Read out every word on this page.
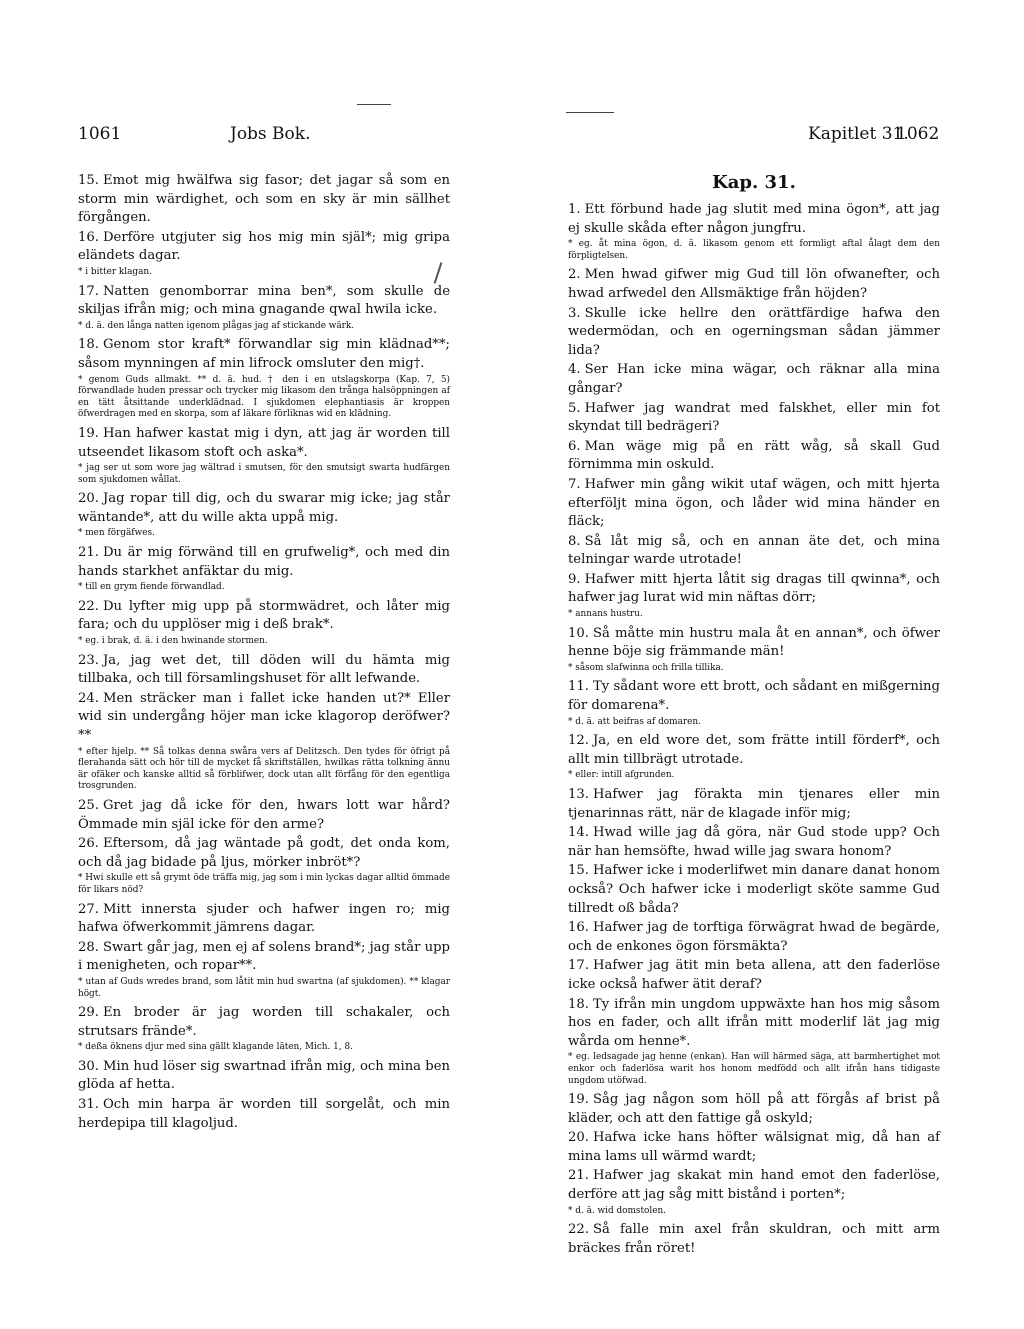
1061	Jobs Bok.	Kapitlet 31.
1062

15. Emot mig hwälfwa sig fasor; det jagar så som en storm min wärdighet, och som en sky är min sällhet förgången.

16. Derföre utgjuter sig hos mig min själ*; mig gripa eländets dagar.

* i bitter klagan.

17. Natten genomborrar mina ben*, som skulle de skiljas ifrån mig; och mina gnagande qwal hwila icke.

* d. ä. den långa natten igenom plågas jag af stickande wärk.

18. Genom stor kraft* förwandlar sig min klädnad**; såsom mynningen af min lifrock omsluter den mig†.

* genom Guds allmakt. ** d. ä. hud. † den i en utslagskorpa (Kap. 7, 5) förwandlade huden pressar och trycker mig likasom den trånga halsöppningen af en tätt åtsittande underklädnad. I sjukdomen elephantiasis är kroppen öfwerdragen med en skorpa, som af läkare förliknas wid en klädning.

19. Han hafwer kastat mig i dyn, att jag är worden till utseendet likasom stoft och aska*.

* jag ser ut som wore jag wältrad i smutsen, för den smutsigt swarta hudfärgen som sjukdomen wållat.

20. Jag ropar till dig, och du swarar mig icke; jag står wäntande*, att du wille akta uppå mig.

* men förgäfwes.

21. Du är mig förwänd till en grufwelig*, och med din hands starkhet anfäktar du mig.

* till en grym fiende förwandlad.

22. Du lyfter mig upp på stormwädret, och låter mig fara; och du upplöser mig i deß brak*.

* eg. i brak, d. ä. i den hwinande stormen.

23. Ja, jag wet det, till döden will du hämta mig tillbaka, och till församlingshuset för allt lefwande.

24. Men sträcker man i fallet icke handen ut?* Eller wid sin undergång höjer man icke klagorop deröfwer?**

* efter hjelp. ** Så tolkas denna swåra vers af Delitzsch. Den tydes för öfrigt på flerahanda sätt och hör till de mycket få skriftställen, hwilkas rätta tolkning ännu är ofäker och kanske alltid så förblifwer, dock utan allt förfång för den egentliga trosgrunden.

25. Gret jag då icke för den, hwars lott war hård? Ömmade min själ icke för den arme?

26. Eftersom, då jag wäntade på godt, det onda kom, och då jag bidade på ljus, mörker inbröt*?

* Hwi skulle ett så grymt öde träffa mig, jag som i min lyckas dagar alltid ömmade för likars nöd?

27. Mitt innersta sjuder och hafwer ingen ro; mig hafwa öfwerkommit jämrens dagar.

28. Swart går jag, men ej af solens brand*; jag står upp i menigheten, och ropar**.

* utan af Guds wredes brand, som låtit min hud swartna (af sjukdomen). ** klagar högt.

29. En broder är jag worden till schakaler, och strutsars frände*.

* deßa öknens djur med sina gällt klagande läten, Mich. 1, 8.

30. Min hud löser sig swartnad ifrån mig, och mina ben glöda af hetta.

31. Och min harpa är worden till sorgelåt, och min herdepipa till klagoljud.

Kap. 31.

1. Ett förbund hade jag slutit med mina ögon*, att jag ej skulle skåda efter någon jungfru.

* eg. åt mina ögon, d. ä. likasom genom ett formligt aftal ålagt dem den förpligtelsen.

2. Men hwad gifwer mig Gud till lön ofwanefter, och hwad arfwedel den Allsmäktige från höjden?

3. Skulle icke hellre den orättfärdige hafwa den wedermödan, och en ogerningsman sådan jämmer lida?

4. Ser Han icke mina wägar, och räknar alla mina gångar?

5. Hafwer jag wandrat med falskhet, eller min fot skyndat till bedrägeri?

6. Man wäge mig på en rätt wåg, så skall Gud förnimma min oskuld.

7. Hafwer min gång wikit utaf wägen, och mitt hjerta efterföljt mina ögon, och låder wid mina händer en fläck;

8. Så låt mig så, och en annan äte det, och mina telningar warde utrotade!

9. Hafwer mitt hjerta låtit sig dragas till qwinna*, och hafwer jag lurat wid min näftas dörr;

* annans hustru.

10. Så måtte min hustru mala åt en annan*, och öfwer henne böje sig främmande män!

* såsom slafwinna och frilla tillika.

11. Ty sådant wore ett brott, och sådant en mißgerning för domarena*.

* d. ä. att beifras af domaren.

12. Ja, en eld wore det, som frätte intill förderf*, och allt min tillbrägt utrotade.

* eller: intill afgrunden.

13. Hafwer jag förakta min tjenares eller min tjenarinnas rätt, när de klagade inför mig;

14. Hwad wille jag då göra, när Gud stode upp? Och när han hemsöfte, hwad wille jag swara honom?

15. Hafwer icke i moderlifwet min danare danat honom också? Och hafwer icke i moderligt sköte samme Gud tillredt oß båda?

16. Hafwer jag de torftiga förwägrat hwad de begärde, och de enkones ögon försmäkta?

17. Hafwer jag ätit min beta allena, att den faderlöse icke också hafwer ätit deraf?

18. Ty ifrån min ungdom uppwäxte han hos mig såsom hos en fader, och allt ifrån mitt moderlif lät jag mig wårda om henne*.

* eg. ledsagade jag henne (enkan). Han will härmed säga, att barmhertighet mot enkor och faderlösa warit hos honom medfödd och allt ifrån hans tidigaste ungdom utöfwad.

19. Såg jag någon som höll på att förgås af brist på kläder, och att den fattige gå oskyld;

20. Hafwa icke hans höfter wälsignat mig, då han af mina lams ull wärmd wardt;

21. Hafwer jag skakat min hand emot den faderlöse, derföre att jag såg mitt bistånd i porten*;

* d. ä. wid domstolen.

22. Så falle min axel från skuldran, och mitt arm bräckes från röret!
